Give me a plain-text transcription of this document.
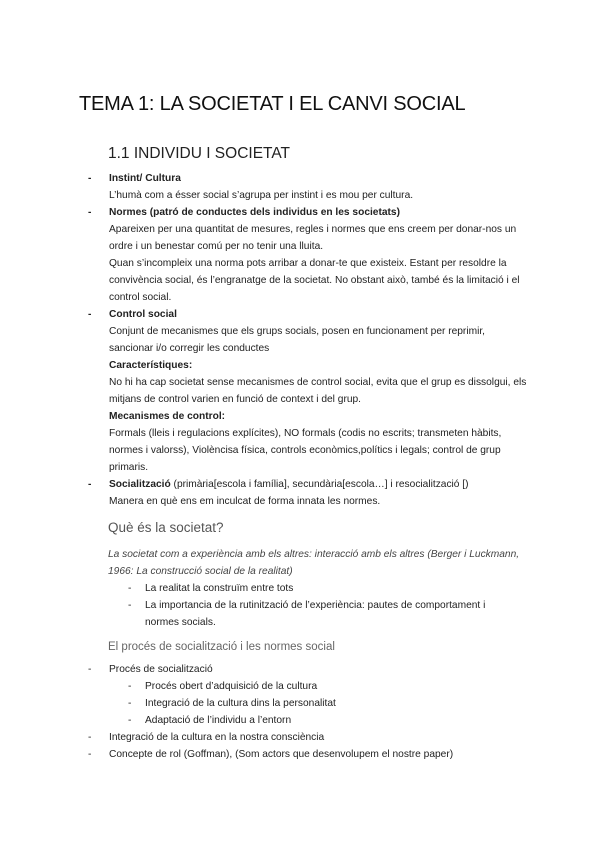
TEMA 1: LA SOCIETAT I EL CANVI SOCIAL
1.1 INDIVIDU I SOCIETAT
- Instint/ Cultura
L’humà com a ésser social s’agrupa per instint i es mou per cultura.
- Normes (patró de conductes dels individus en les societats)
Apareixen per una quantitat de mesures, regles i normes que ens creem per donar-nos un
ordre i un benestar comú per no tenir una lluita.
Quan s’incompleix una norma pots arribar a donar-te que existeix. Estant per resoldre la
convivència social, és l’engranatge de la societat. No obstant això, també és la limitació i el
control social.
- Control social
Conjunt de mecanismes que els grups socials, posen en funcionament per reprimir,
sancionar i/o corregir les conductes
Característiques:
No hi ha cap societat sense mecanismes de control social, evita que el grup es dissolgui, els
mitjans de control varien en funció de context i del grup.
Mecanismes de control:
Formals (lleis i regulacions explícites), NO formals (codis no escrits; transmeten hàbits,
normes i valorss), Violèncisa física, controls econòmics,polítics i legals; control de grup
primaris.
- Socialització (primària[escola i família], secundària[escola…] i resocialització [)
Manera en què ens em inculcat de forma innata les normes.
Què és la societat?
La societat com a experiència amb els altres: interacció amb els altres (Berger i Luckmann,
1966: La construcció social de la realitat)
- La realitat la construïm entre tots
- La importancia de la rutinització de l’experiència: pautes de comportament i
normes socials.
El procés de socialització i les normes social
- Procés de socialització
- Procés obert d’adquisició de la cultura
- Integració de la cultura dins la personalitat
- Adaptació de l’individu a l’entorn
- Integració de la cultura en la nostra consciència
- Concepte de rol (Goffman), (Som actors que desenvolupem el nostre paper)
